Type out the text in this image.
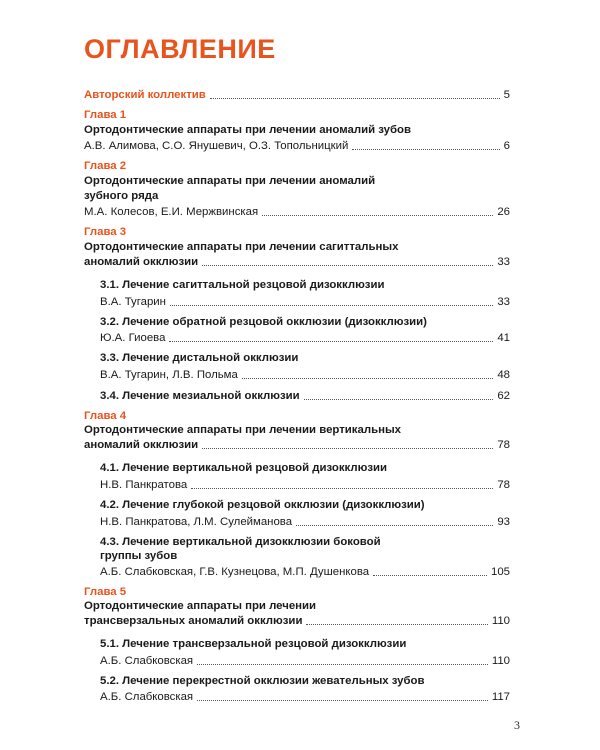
ОГЛАВЛЕНИЕ
Авторский коллектив	5
Глава 1
Ортодонтические аппараты при лечении аномалий зубов
А.В. Алимова, С.О. Янушевич, О.З. Топольницкий	6
Глава 2
Ортодонтические аппараты при лечении аномалий
зубного ряда
М.А. Колесов, Е.И. Мержвинская	26
Глава 3
Ортодонтические аппараты при лечении сагиттальных
аномалий окклюзии	33
3.1. Лечение сагиттальной резцовой дизокклюзии
В.А. Тугарин	33
3.2. Лечение обратной резцовой окклюзии (дизокклюзии)
Ю.А. Гиоева	41
3.3. Лечение дистальной окклюзии
В.А. Тугарин, Л.В. Польма	48
3.4. Лечение мезиальной окклюзии	62
Глава 4
Ортодонтические аппараты при лечении вертикальных
аномалий окклюзии	78
4.1. Лечение вертикальной резцовой дизокклюзии
Н.В. Панкратова	78
4.2. Лечение глубокой резцовой окклюзии (дизокклюзии)
Н.В. Панкратова, Л.М. Сулейманова	93
4.3. Лечение вертикальной дизокклюзии боковой
группы зубов
А.Б. Слабковская, Г.В. Кузнецова, М.П. Душенкова	105
Глава 5
Ортодонтические аппараты при лечении
трансверзальных аномалий окклюзии	110
5.1. Лечение трансверзальной резцовой дизокклюзии
А.Б. Слабковская	110
5.2. Лечение перекрестной окклюзии жевательных зубов
А.Б. Слабковская	117
3
